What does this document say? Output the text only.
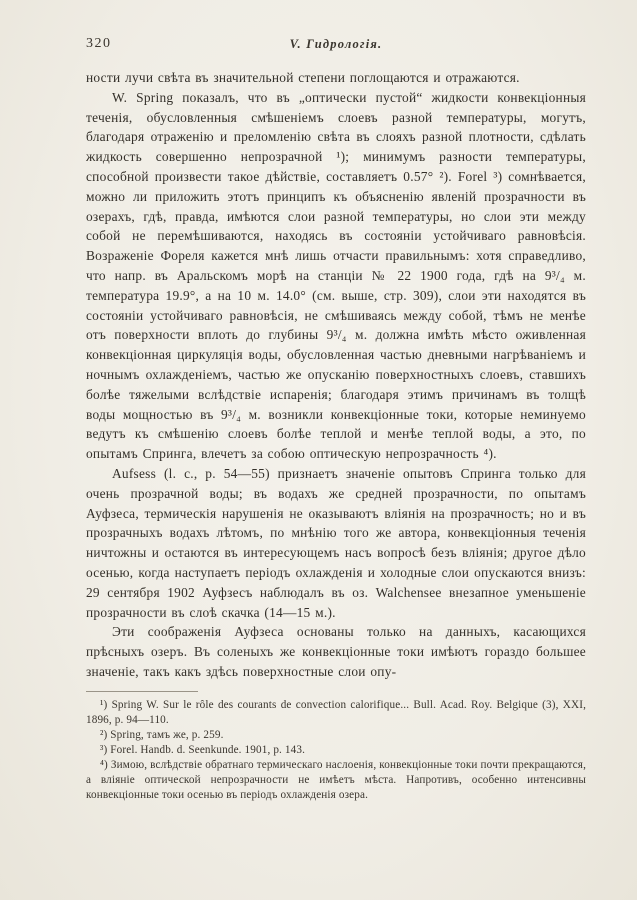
320	V. Гидрологія.

ности лучи свѣта въ значительной степени поглощаются и отражаются.

W. Spring показалъ, что въ „оптически пустой“ жидкости конвекціонныя теченія, обусловленныя смѣшеніемъ слоевъ разной температуры, могутъ, благодаря отраженію и преломленію свѣта въ слояхъ разной плотности, сдѣлать жидкость совершенно непрозрачной ¹); минимумъ разности температуры, способной произвести такое дѣйствіе, составляетъ 0.57° ²). Forel ³) сомнѣвается, можно ли приложить этотъ принципъ къ объясненію явленій прозрачности въ озерахъ, гдѣ, правда, имѣются слои разной температуры, но слои эти между собой не перемѣшиваются, находясь въ состояніи устойчиваго равновѣсія. Возраженіе Фореля кажется мнѣ лишь отчасти правильнымъ: хотя справедливо, что напр. въ Аральскомъ морѣ на станціи № 22 1900 года, гдѣ на 9³/₄ м. температура 19.9°, а на 10 м. 14.0° (см. выше, стр. 309), слои эти находятся въ состояніи устойчиваго равновѣсія, не смѣшиваясь между собой, тѣмъ не менѣе отъ поверхности вплоть до глубины 9³/₄ м. должна имѣть мѣсто оживленная конвекціонная циркуляція воды, обусловленная частью дневными нагрѣваніемъ и ночнымъ охлажденіемъ, частью же опусканію поверхностныхъ слоевъ, ставшихъ болѣе тяжелыми вслѣдствіе испаренія; благодаря этимъ причинамъ въ толщѣ воды мощностью въ 9³/₄ м. возникли конвекціонные токи, которые неминуемо ведутъ къ смѣшенію слоевъ болѣе теплой и менѣе теплой воды, а это, по опытамъ Спринга, влечетъ за собою оптическую непрозрачность ⁴).

Aufsess (l. c., p. 54—55) признаетъ значеніе опытовъ Спринга только для очень прозрачной воды; въ водахъ же средней прозрачности, по опытамъ Ауфзеса, термическія нарушенія не оказываютъ вліянія на прозрачность; но и въ прозрачныхъ водахъ лѣтомъ, по мнѣнію того же автора, конвекціонныя теченія ничтожны и остаются въ интересующемъ насъ вопросѣ безъ вліянія; другое дѣло осенью, когда наступаетъ періодъ охлажденія и холодные слои опускаются внизъ: 29 сентября 1902 Ауфзесъ наблюдалъ въ оз. Walchensee внезапное уменьшеніе прозрачности въ слоѣ скачка (14—15 м.).

Эти соображенія Ауфзеса основаны только на данныхъ, касающихся прѣсныхъ озеръ. Въ соленыхъ же конвекціонные токи имѣютъ гораздо большее значеніе, такъ какъ здѣсь поверхностные слои опу-

¹) Spring W. Sur le rôle des courants de convection calorifique... Bull. Acad. Roy. Belgique (3), XXI, 1896, p. 94—110.

²) Spring, тамъ же, p. 259.

³) Forel. Handb. d. Seenkunde. 1901, p. 143.

⁴) Зимою, вслѣдствіе обратнаго термическаго наслоенія, конвекціонные токи почти прекращаются, а вліяніе оптической непрозрачности не имѣетъ мѣста. Напротивъ, особенно интенсивны конвекціонные токи осенью въ періодъ охлажденія озера.
